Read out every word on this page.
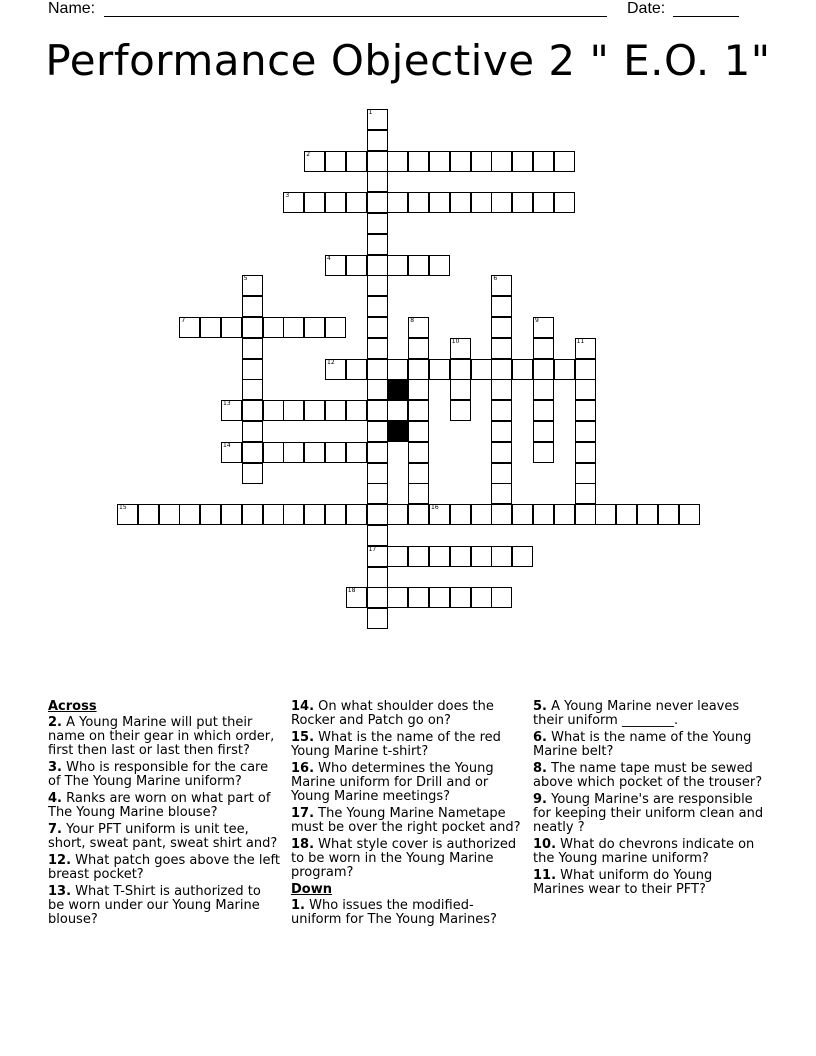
Name:	Date:
Performance Objective 2 " E.O. 1"
1
17
2
3
4
5	6
7	8	9
10	11
12
13
14
15	16
18
Across
2. A Young Marine will put their name on their gear in which order, first then last or last then first?
3. Who is responsible for the care of The Young Marine uniform?
4. Ranks are worn on what part of The Young Marine blouse?
7. Your PFT uniform is unit tee, short, sweat pant, sweat shirt and?
12. What patch goes above the left breast pocket?
13. What T-Shirt is authorized to be worn under our Young Marine blouse?
14. On what shoulder does the Rocker and Patch go on?
15. What is the name of the red Young Marine t-shirt?
16. Who determines the Young Marine uniform for Drill and or Young Marine meetings?
17. The Young Marine Nametape must be over the right pocket and?
18. What style cover is authorized to be worn in the Young Marine program?
Down
1. Who issues the modified-uniform for The Young Marines?
5. A Young Marine never leaves their uniform ________.
6. What is the name of the Young Marine belt?
8. The name tape must be sewed above which pocket of the trouser?
9. Young Marine's are responsible for keeping their uniform clean and neatly ?
10. What do chevrons indicate on the Young marine uniform?
11. What uniform do Young Marines wear to their PFT?
